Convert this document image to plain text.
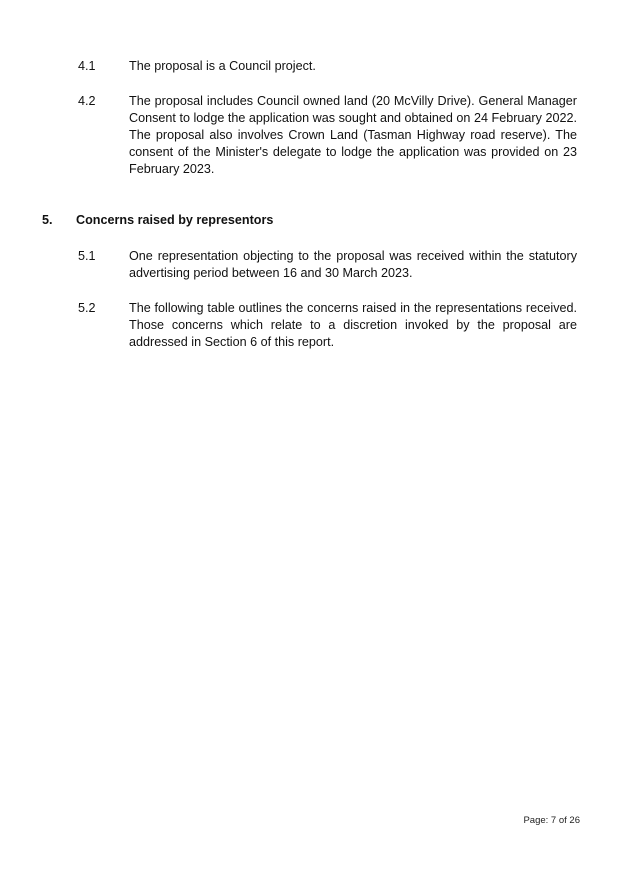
4.1	The proposal is a Council project.
4.2	The proposal includes Council owned land (20 McVilly Drive). General Manager Consent to lodge the application was sought and obtained on 24 February 2022. The proposal also involves Crown Land (Tasman Highway road reserve). The consent of the Minister's delegate to lodge the application was provided on 23 February 2023.
5. Concerns raised by representors
5.1	One representation objecting to the proposal was received within the statutory advertising period between 16 and 30 March 2023.
5.2	The following table outlines the concerns raised in the representations received. Those concerns which relate to a discretion invoked by the proposal are addressed in Section 6 of this report.
Page: 7 of 26
